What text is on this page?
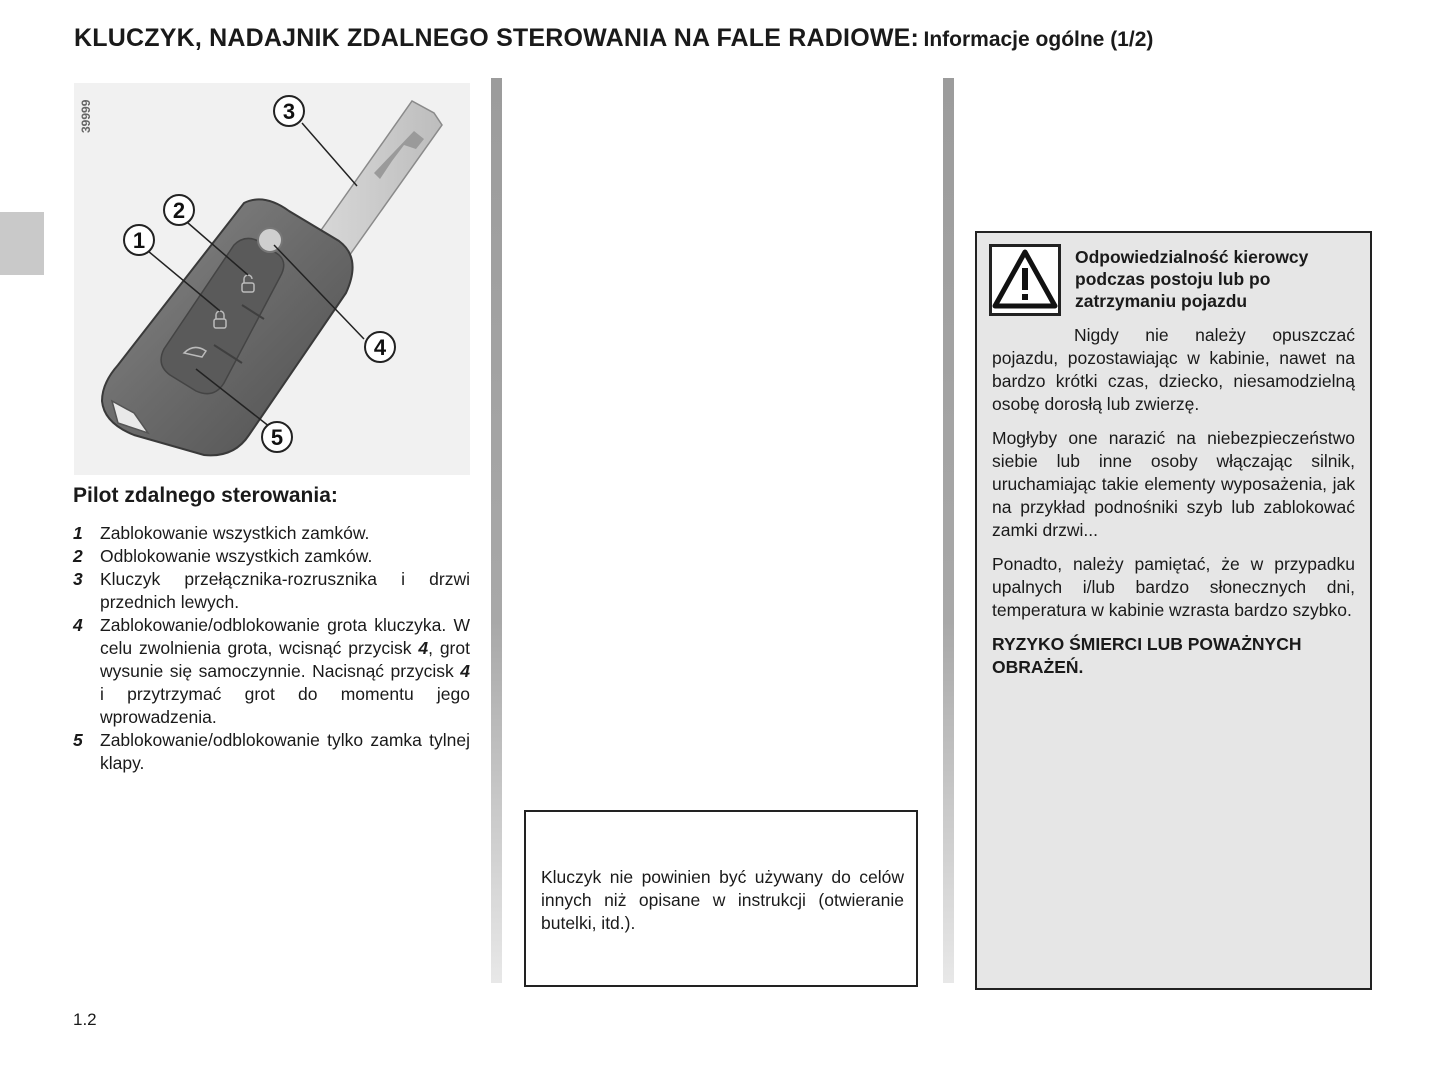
KLUCZYK, NADAJNIK ZDALNEGO STEROWANIA NA FALE RADIOWE: Informacje ogólne (1/2)
3
2
1
4
5
39999
Pilot zdalnego sterowania:
1 Zablokowanie wszystkich zamków.
2 Odblokowanie wszystkich zamków.
3 Kluczyk przełącznika-rozrusznika i drzwi przednich lewych.
4 Zablokowanie/odblokowanie grota kluczyka. W celu zwolnienia grota, wcisnąć przycisk 4, grot wysunie się samoczynnie. Nacisnąć przycisk 4 i przytrzymać grot do momentu jego wprowadzenia.
5 Zablokowanie/odblokowanie tylko zamka tylnej klapy.
Kluczyk nie powinien być używany do celów innych niż opisane w instrukcji (otwieranie butelki, itd.).
Odpowiedzialność kierowcy podczas postoju lub po zatrzymaniu pojazdu

Nigdy nie należy opuszczać pojazdu, pozostawiając w kabinie, nawet na bardzo krótki czas, dziecko, niesamodzielną osobę dorosłą lub zwierzę.

Mogłyby one narazić na niebezpieczeństwo siebie lub inne osoby włączając silnik, uruchamiając takie elementy wyposażenia, jak na przykład podnośniki szyb lub zablokować zamki drzwi...

Ponadto, należy pamiętać, że w przypadku upalnych i/lub bardzo słonecznych dni, temperatura w kabinie wzrasta bardzo szybko.

RYZYKO ŚMIERCI LUB POWAŻNYCH OBRAŻEŃ.

1.2
